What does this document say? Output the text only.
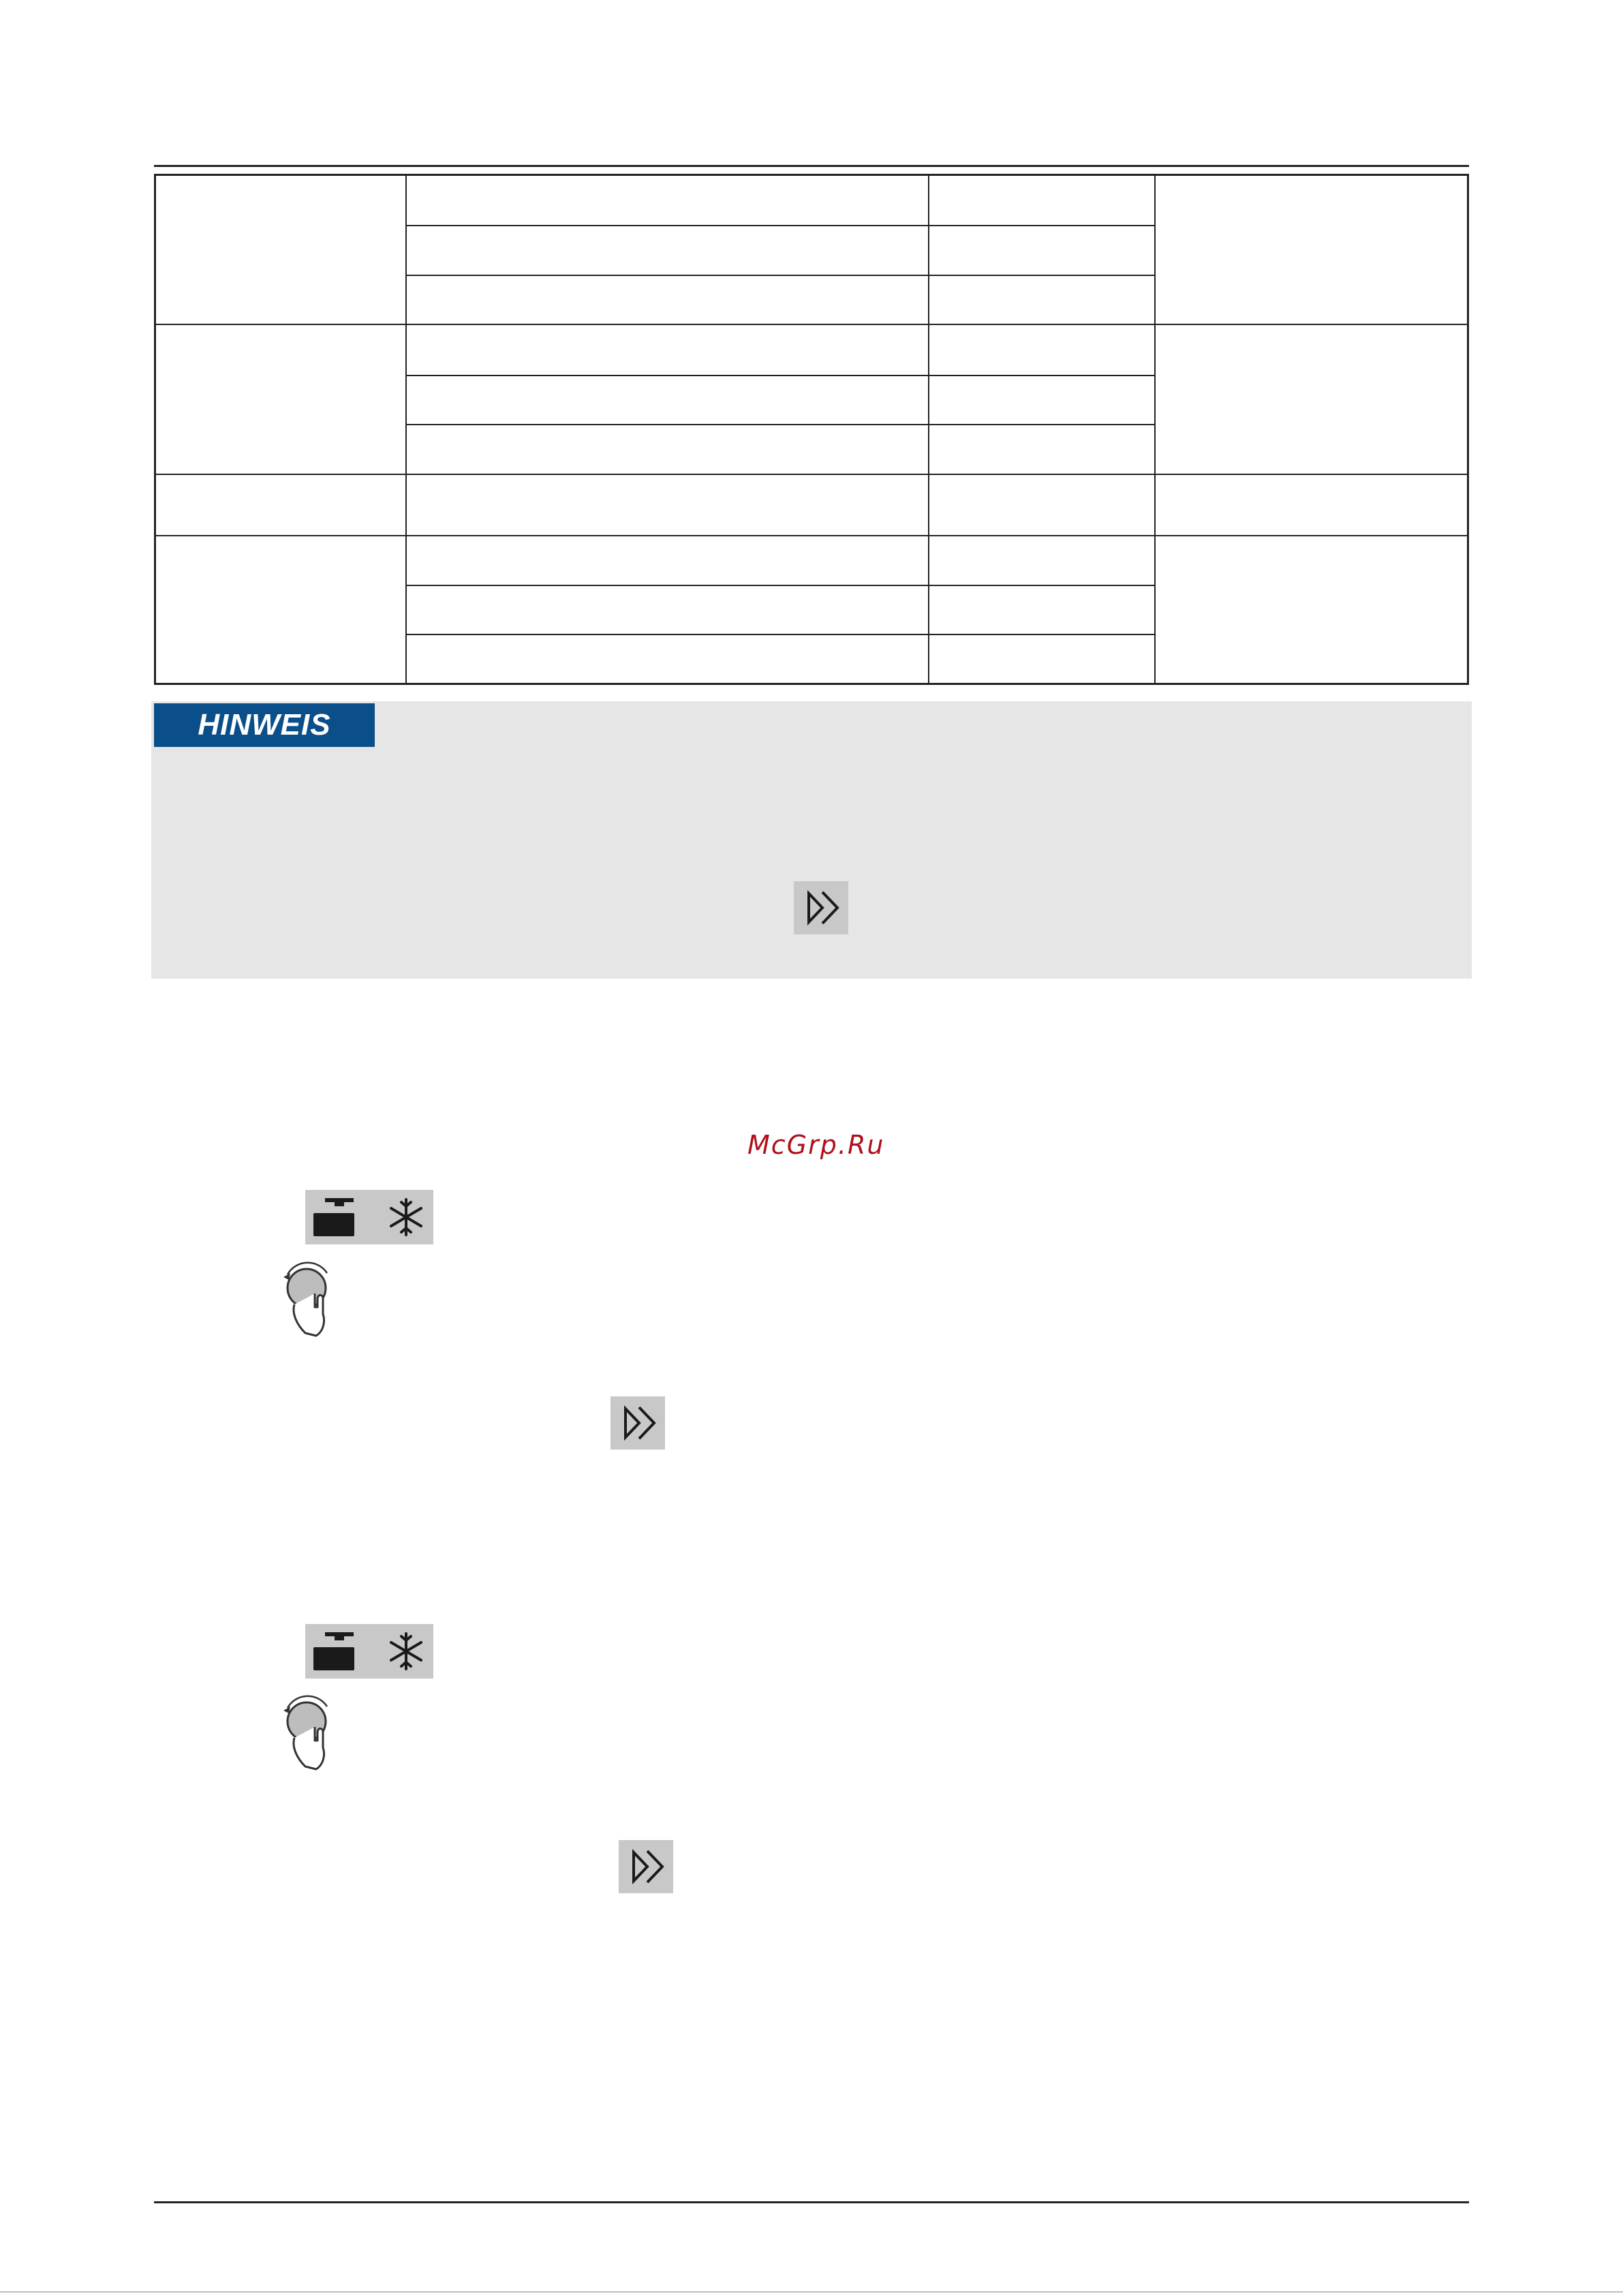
HINWEIS
McGrp.Ru
